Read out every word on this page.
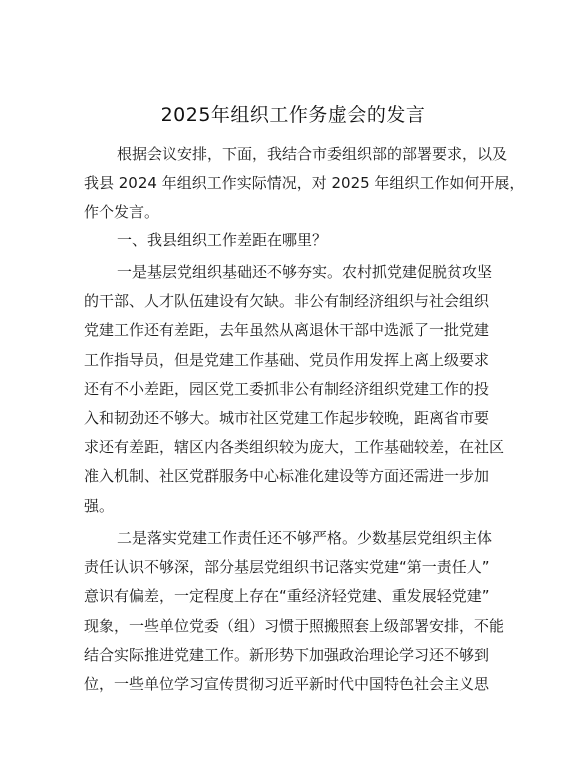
2025年组织工作务虚会的发言

根据会议安排，下面，我结合市委组织部的部署要求，以及
我县 2024 年组织工作实际情况，对 2025 年组织工作如何开展，
作个发言。

一、我县组织工作差距在哪里？

一是基层党组织基础还不够夯实。农村抓党建促脱贫攻坚
的干部、人才队伍建设有欠缺。非公有制经济组织与社会组织
党建工作还有差距，去年虽然从离退休干部中选派了一批党建
工作指导员，但是党建工作基础、党员作用发挥上离上级要求
还有不小差距，园区党工委抓非公有制经济组织党建工作的投
入和韧劲还不够大。城市社区党建工作起步较晚，距离省市要
求还有差距，辖区内各类组织较为庞大，工作基础较差，在社区
准入机制、社区党群服务中心标准化建设等方面还需进一步加
强。

二是落实党建工作责任还不够严格。少数基层党组织主体
责任认识不够深，部分基层党组织书记落实党建“第一责任人”
意识有偏差，一定程度上存在“重经济轻党建、重发展轻党建”
现象，一些单位党委（组）习惯于照搬照套上级部署安排，不能
结合实际推进党建工作。新形势下加强政治理论学习还不够到
位，一些单位学习宣传贯彻习近平新时代中国特色社会主义思
